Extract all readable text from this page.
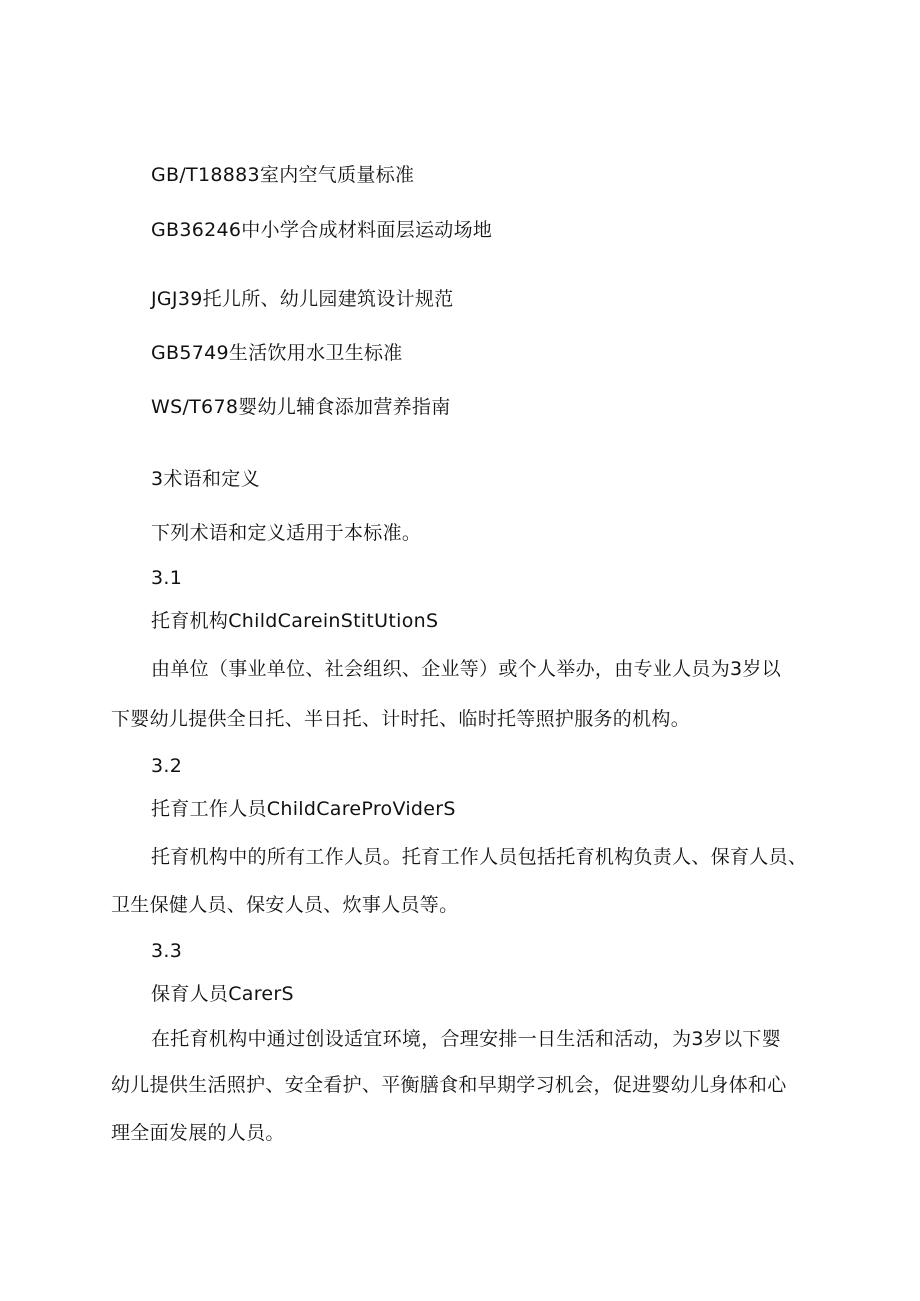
GB/T18883室内空气质量标准
GB36246中小学合成材料面层运动场地
JGJ39托儿所、幼儿园建筑设计规范
GB5749生活饮用水卫生标准
WS/T678婴幼儿辅食添加营养指南
3术语和定义
下列术语和定义适用于本标准。
3.1
托育机构ChildCareinStitUtionS
由单位（事业单位、社会组织、企业等）或个人举办，由专业人员为3岁以
下婴幼儿提供全日托、半日托、计时托、临时托等照护服务的机构。
3.2
托育工作人员ChildCareProViderS
托育机构中的所有工作人员。托育工作人员包括托育机构负责人、保育人员、
卫生保健人员、保安人员、炊事人员等。
3.3
保育人员CarerS
在托育机构中通过创设适宜环境，合理安排一日生活和活动，为3岁以下婴
幼儿提供生活照护、安全看护、平衡膳食和早期学习机会，促进婴幼儿身体和心
理全面发展的人员。
